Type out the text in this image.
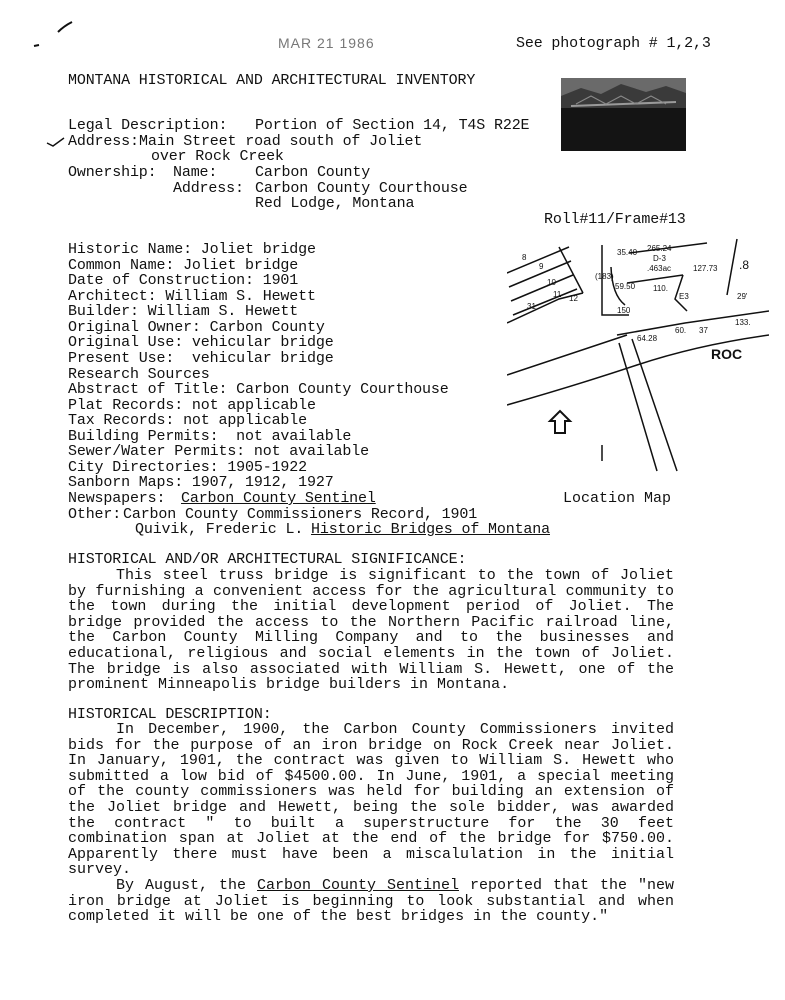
MAR 21 1986	See photograph # 1,2,3
MONTANA HISTORICAL AND ARCHITECTURAL INVENTORY
Legal Description: Portion of Section 14, T4S R22E
Address: Main Street road south of Joliet
over Rock Creek
Ownership: Name:	Carbon County
Address: Carbon County Courthouse
Red Lodge, Montana
Roll#11/Frame#13
Historic Name: Joliet bridge
Common Name: Joliet bridge
Date of Construction: 1901
Architect: William S. Hewett
Builder: William S. Hewett
Original Owner: Carbon County
Original Use: vehicular bridge
Present Use:  vehicular bridge
Research Sources
Abstract of Title: Carbon County Courthouse
Plat Records: not applicable
Tax Records: not applicable
Building Permits:  not available
Sewer/Water Permits: not available
City Directories: 1905-1922
Sanborn Maps: 1907, 1912, 1927
Newspapers: Carbon County Sentinel
Other: Carbon County Commissioners Record, 1901
Quivik, Frederic L. Historic Bridges of Montana
8
9
10
11 12
31
35.40 265.24
D-3
.463ac	127.73 .8
59.50 110.
E3	29'
150
64.28
60. 37
133.
ROC
(183)
Location Map
HISTORICAL AND/OR ARCHITECTURAL SIGNIFICANCE:

This steel truss bridge is significant to the town of Joliet by furnishing a convenient access for the agricultural community to the town during the initial development period of Joliet. The bridge provided the access to the Northern Pacific railroad line, the Carbon County Milling Company and to the businesses and educational, religious and social elements in the town of Joliet. The bridge is also associated with William S. Hewett, one of the prominent Minneapolis bridge builders in Montana.

HISTORICAL DESCRIPTION:

In December, 1900, the Carbon County Commissioners invited bids for the purpose of an iron bridge on Rock Creek near Joliet. In January, 1901, the contract was given to William S. Hewett who submitted a low bid of $4500.00. In June, 1901, a special meeting of the county commissioners was held for building an extension of the Joliet bridge and Hewett, being the sole bidder, was awarded the contract " to built a superstructure for the 30 feet combination span at Joliet at the end of the bridge for $750.00. Apparently there must have been a miscalulation in the initial survey.

By August, the Carbon County Sentinel reported that the "new iron bridge at Joliet is beginning to look substantial and when completed it will be one of the best bridges in the county."
